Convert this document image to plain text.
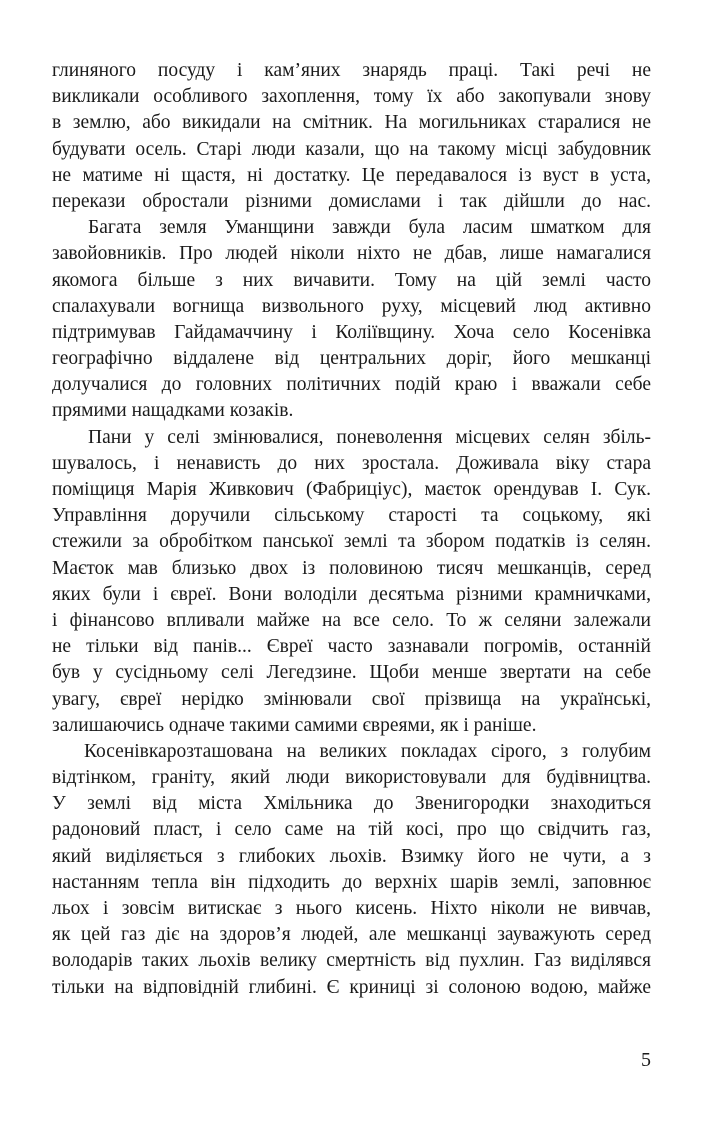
глиняного посуду і кам’яних знарядь праці. Такі речі не
викликали особливого захоплення, тому їх або закопували знову
в землю, або викидали на смітник. На могильниках старалися не
будувати осель. Старі люди казали, що на такому місці забудовник
не матиме ні щастя, ні достатку. Це передавалося із вуст в уста,
перекази обростали різними домислами і так дійшли до нас.
Багата земля Уманщини завжди була ласим шматком для
завойовників. Про людей ніколи ніхто не дбав, лише намагалися
якомога більше з них вичавити. Тому на цій землі часто
спалахували вогнища визвольного руху, місцевий люд активно
підтримував Гайдамаччину і Коліївщину. Хоча село Косенівка
географічно віддалене від центральних доріг, його мешканці
долучалися до головних політичних подій краю і вважали себе
прямими нащадками козаків.
Пани у селі змінювалися, поневолення місцевих селян збіль-
шувалось, і ненависть до них зростала. Доживала віку стара
поміщиця Марія Живкович (Фабриціус), маєток орендував І. Сук.
Управління доручили сільському старості та соцькому, які
стежили за обробітком панської землі та збором податків із селян.
Маєток мав близько двох із половиною тисяч мешканців, серед
яких були і євреї. Вони володіли десятьма різними крамничками,
і фінансово впливали майже на все село. То ж селяни залежали
не тільки від панів... Євреї часто зазнавали погромів, останній
був у сусідньому селі Легедзине. Щоби менше звертати на себе
увагу, євреї нерідко змінювали свої прізвища на українські,
залишаючись одначе такими самими євреями, як і раніше.
Косенівкарозташована на великих покладах сірого, з голубим
відтінком, граніту, який люди використовували для будівництва.
У землі від міста Хмільника до Звенигородки знаходиться
радоновий пласт, і село саме на тій косі, про що свідчить газ,
який виділяється з глибоких льохів. Взимку його не чути, а з
настанням тепла він підходить до верхніх шарів землі, заповнює
льох і зовсім витискає з нього кисень. Ніхто ніколи не вивчав,
як цей газ діє на здоров’я людей, але мешканці зауважують серед
володарів таких льохів велику смертність від пухлин. Газ виділявся
тільки на відповідній глибині. Є криниці зі солоною водою, майже
5
